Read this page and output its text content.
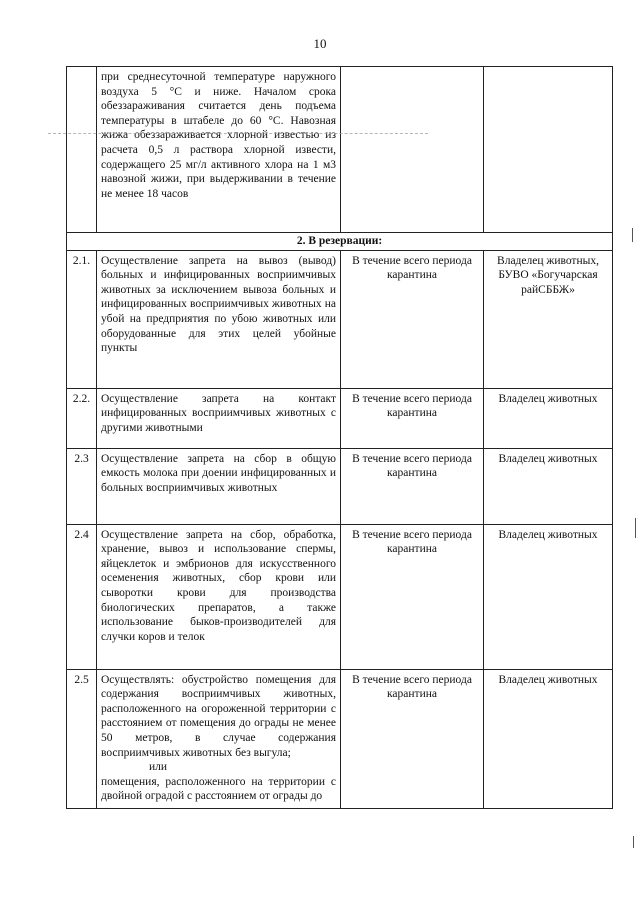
10
	при среднесуточной температуре наружного воздуха 5 °С и ниже. Началом срока обеззараживания считается день подъема температуры в штабеле до 60 °С. Навозная жижа обеззараживается хлорной известью из расчета 0,5 л раствора хлорной извести, содержащего 25 мг/л активного хлора на 1 м3 навозной жижи, при выдерживании в течение не менее 18 часов		
2. В резервации:			
2.1.	Осуществление запрета на вывоз (вывод) больных и инфицированных восприимчивых животных за исключением вывоза больных и инфицированных восприимчивых животных на убой на предприятия по убою животных или оборудованные для этих целей убойные пункты	В течение всего периода карантина	Владелец животных, БУВО «Богучарская райСББЖ»
2.2.	Осуществление запрета на контакт инфицированных восприимчивых животных с другими животными	В течение всего периода карантина	Владелец животных
2.3	Осуществление запрета на сбор в общую емкость молока при доении инфицированных и больных восприимчивых животных	В течение всего периода карантина	Владелец животных
2.4	Осуществление запрета на сбор, обработка, хранение, вывоз и использование спермы, яйцеклеток и эмбрионов для искусственного осеменения животных, сбор крови или сыворотки крови для производства биологических препаратов, а также использование быков-производителей для случки коров и телок	В течение всего периода карантина	Владелец животных
2.5	Осуществлять: обустройство помещения для содержания восприимчивых животных, расположенного на огороженной территории с расстоянием от помещения до ограды не менее 50 метров, в случае содержания восприимчивых животных без выгула;
или
помещения, расположенного на территории с двойной оградой с расстоянием от ограды до	В течение всего периода карантина	Владелец животных
